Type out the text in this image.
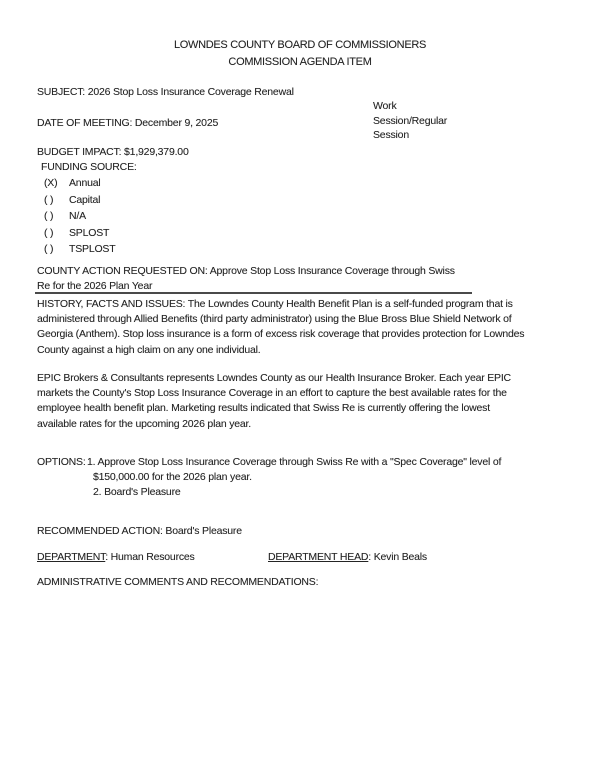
LOWNDES COUNTY BOARD OF COMMISSIONERS
COMMISSION AGENDA ITEM
SUBJECT: 2026 Stop Loss Insurance Coverage Renewal
Work
Session/Regular
Session
DATE OF MEETING: December 9, 2025
BUDGET IMPACT: $1,929,379.00
FUNDING SOURCE:
(X) Annual
( ) Capital
( ) N/A
( ) SPLOST
( ) TSPLOST
COUNTY ACTION REQUESTED ON: Approve Stop Loss Insurance Coverage through Swiss
Re for the 2026 Plan Year
HISTORY, FACTS AND ISSUES: The Lowndes County Health Benefit Plan is a self-funded program that is
administered through Allied Benefits (third party administrator) using the Blue Bross Blue Shield Network of
Georgia (Anthem). Stop loss insurance is a form of excess risk coverage that provides protection for Lowndes
County against a high claim on any one individual.
EPIC Brokers & Consultants represents Lowndes County as our Health Insurance Broker. Each year EPIC
markets the County's Stop Loss Insurance Coverage in an effort to capture the best available rates for the
employee health benefit plan. Marketing results indicated that Swiss Re is currently offering the lowest
available rates for the upcoming 2026 plan year.
OPTIONS: 1. Approve Stop Loss Insurance Coverage through Swiss Re with a "Spec Coverage" level of
$150,000.00 for the 2026 plan year.
2. Board's Pleasure
RECOMMENDED ACTION: Board's Pleasure
DEPARTMENT: Human Resources	DEPARTMENT HEAD: Kevin Beals
ADMINISTRATIVE COMMENTS AND RECOMMENDATIONS:
